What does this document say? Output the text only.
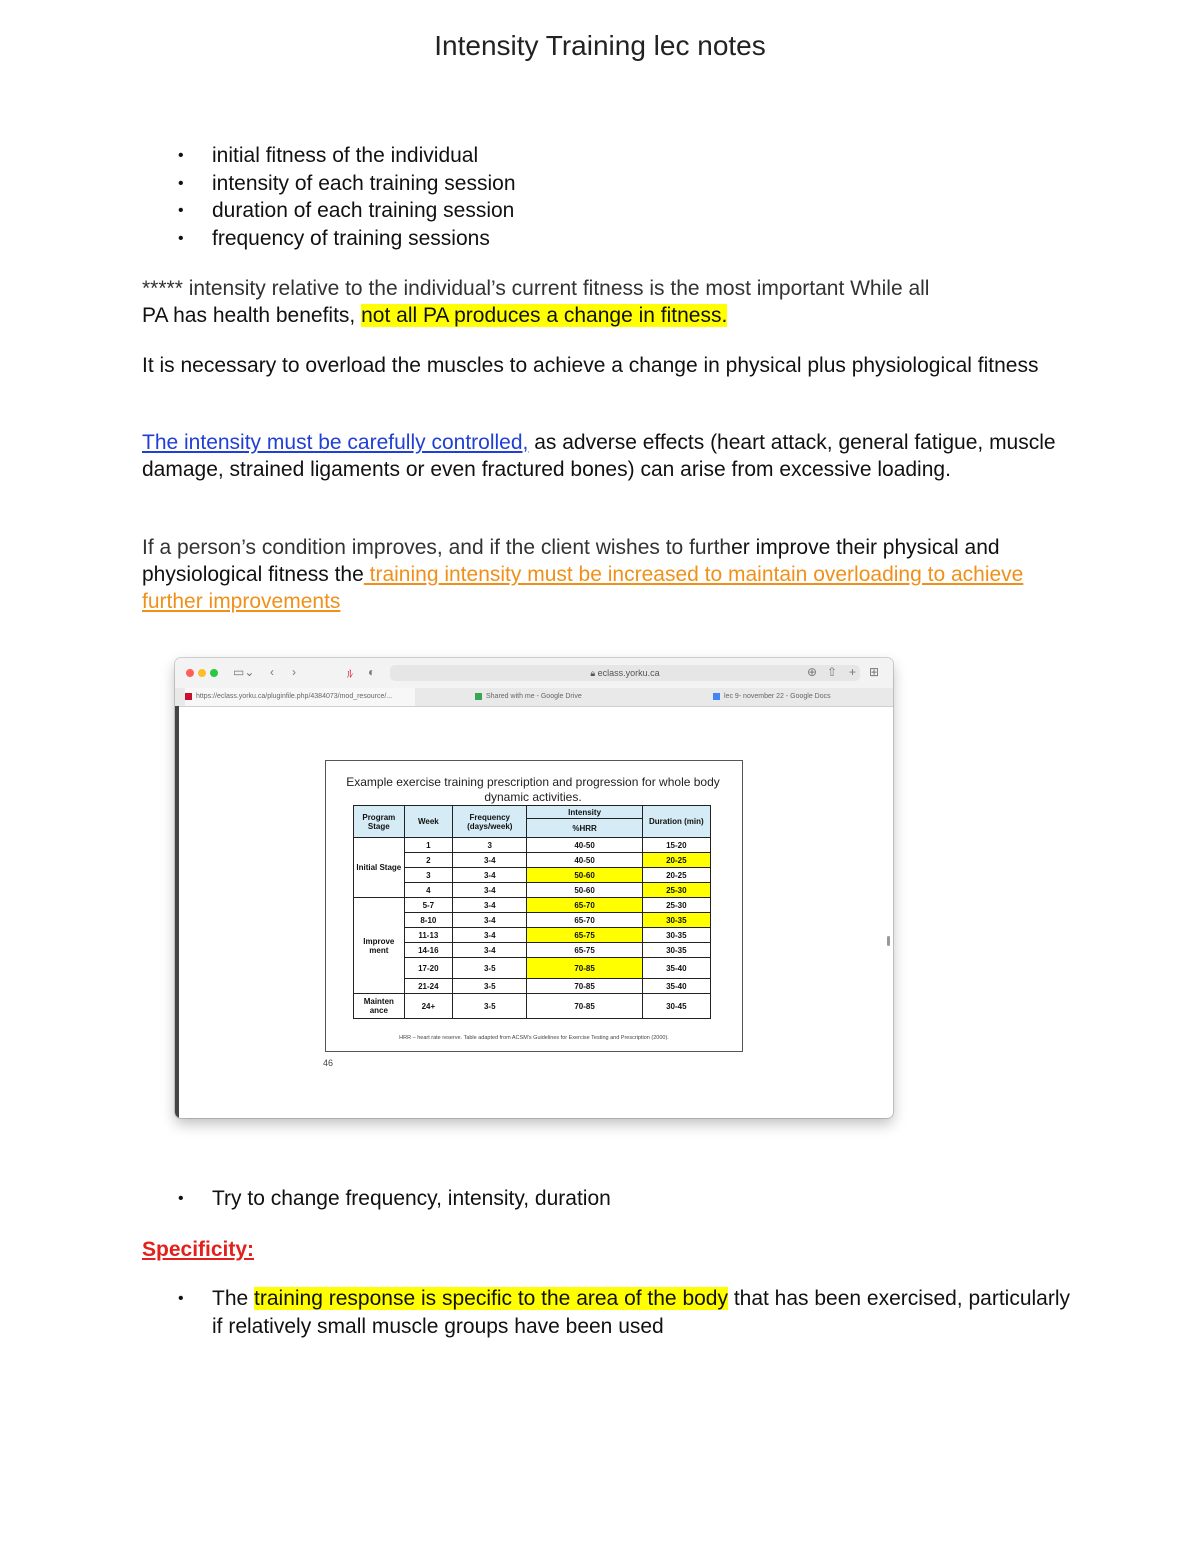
Intensity Training lec notes
• initial fitness of the individual
• intensity of each training session
• duration of each training session
• frequency of training sessions
***** intensity relative to the individual’s current fitness is the most important While all
PA has health benefits, not all PA produces a change in fitness.
It is necessary to overload the muscles to achieve a change in physical plus physiological fitness
The intensity must be carefully controlled, as adverse effects (heart attack, general fatigue, muscle damage, strained ligaments or even fractured bones) can arise from excessive loading.
If a person’s condition improves, and if the client wishes to further improve their physical and physiological fitness the training intensity must be increased to maintain overloading to achieve further improvements
▭⌄ ‹ ›	ﾙ ◐	🔒︎ eclass.yorku.ca	⊕ ⇧ + ⊞
https://eclass.yorku.ca/pluginfile.php/4384073/mod_resource/...	Shared with me - Google Drive	lec 9- november 22 - Google Docs
Example exercise training prescription and progression for whole body dynamic activities.
Program Stage	Week	Frequency (days/week)	Intensity	Duration (min)
			%HRR	
Initial Stage	1	3	40-50	15-20
	2	3-4	40-50	20-25
	3	3-4	50-60	20-25
	4	3-4	50-60	25-30
Improve ment	5-7	3-4	65-70	25-30
	8-10	3-4	65-70	30-35
	11-13	3-4	65-75	30-35
	14-16	3-4	65-75	30-35
	17-20	3-5	70-85	35-40
	21-24	3-5	70-85	35-40
Mainten ance	24+	3-5	70-85	30-45
HRR – heart rate reserve. Table adapted from ACSM’s Guidelines for Exercise Testing and Prescription (2000).
46
• Try to change frequency, intensity, duration
Specificity:
• The training response is specific to the area of the body that has been exercised, particularly if relatively small muscle groups have been used
